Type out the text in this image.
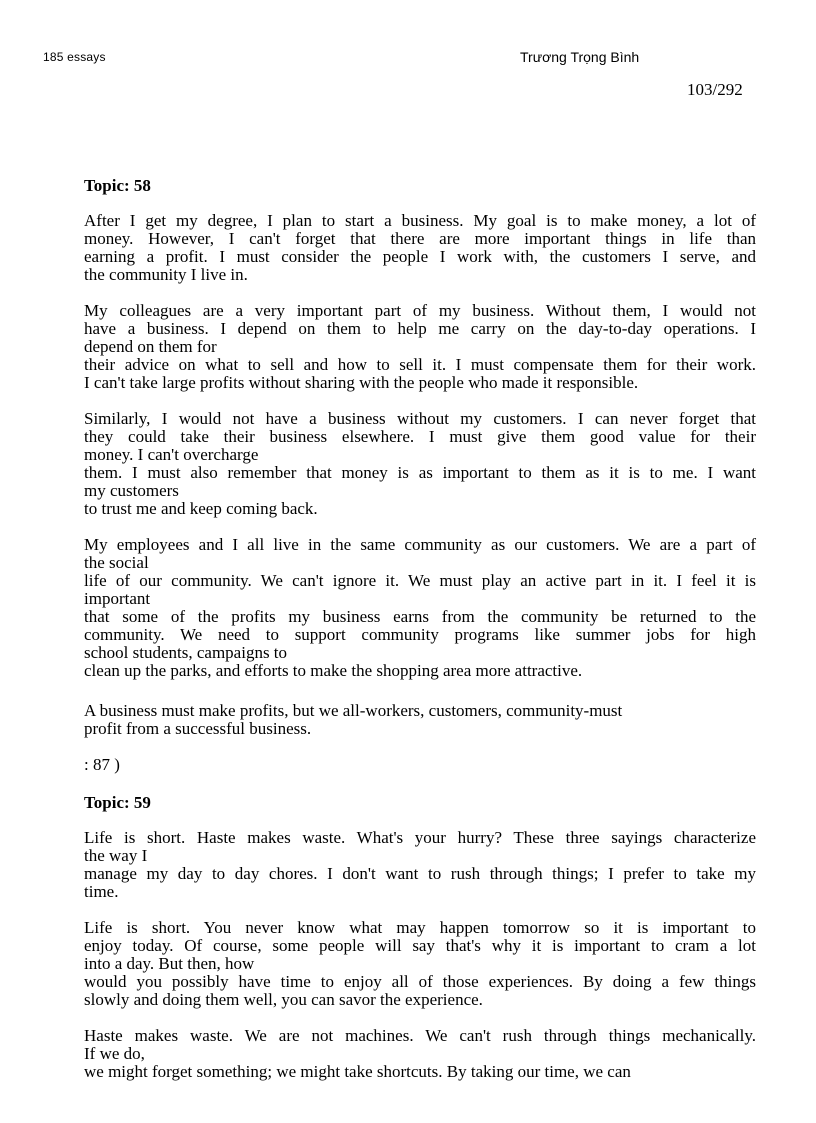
185 essays	Trương Trọng Bình
103/292
Topic: 58
After I get my degree, I plan to start a business. My goal is to make money, a lot of
money. However, I can't forget that there are more important things in life than
earning a profit. I must consider the people I work with, the customers I serve, and
the community I live in.
My colleagues are a very important part of my business. Without them, I would not
have a business. I depend on them to help me carry on the day-to-day operations. I
depend on them for
their advice on what to sell and how to sell it. I must compensate them for their work.
I can't take large profits without sharing with the people who made it responsible.
Similarly, I would not have a business without my customers. I can never forget that
they could take their business elsewhere. I must give them good value for their
money. I can't overcharge
them. I must also remember that money is as important to them as it is to me. I want
my customers
to trust me and keep coming back.
My employees and I all live in the same community as our customers. We are a part of
the social
life of our community. We can't ignore it. We must play an active part in it. I feel it is
important
that some of the profits my business earns from the community be returned to the
community. We need to support community programs like summer jobs for high
school students, campaigns to
clean up the parks, and efforts to make the shopping area more attractive.
A business must make profits, but we all-workers, customers, community-must
profit from a successful business.
: 87 )
Topic: 59
Life is short. Haste makes waste. What's your hurry? These three sayings characterize
the way I
manage my day to day chores. I don't want to rush through things; I prefer to take my
time.
Life is short. You never know what may happen tomorrow so it is important to
enjoy today. Of course, some people will say that's why it is important to cram a lot
into a day. But then, how
would you possibly have time to enjoy all of those experiences. By doing a few things
slowly and doing them well, you can savor the experience.
Haste makes waste. We are not machines. We can't rush through things mechanically.
If we do,
we might forget something; we might take shortcuts. By taking our time, we can
